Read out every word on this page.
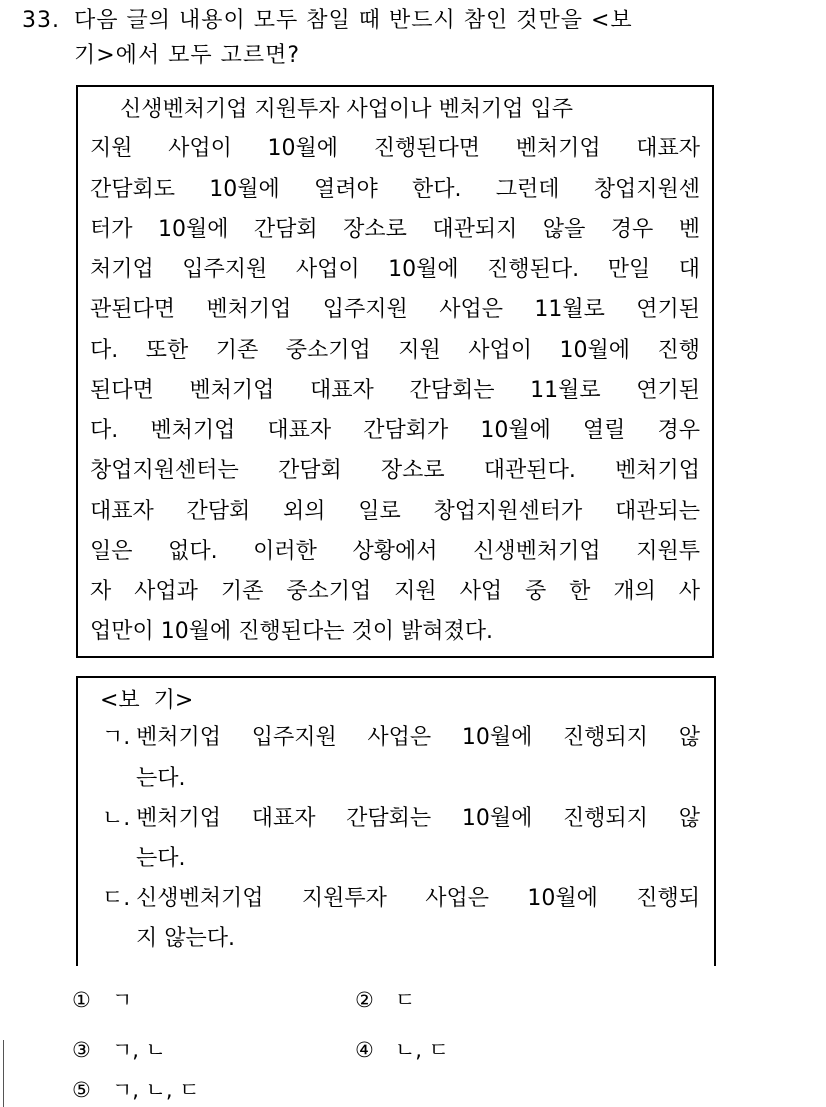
33. 다음 글의 내용이 모두 참일 때 반드시 참인 것만을 <보
기>에서 모두 고르면?
신생벤처기업 지원투자 사업이나 벤처기업 입주
지원 사업이 10월에 진행된다면 벤처기업 대표자
간담회도 10월에 열려야 한다. 그런데 창업지원센
터가 10월에 간담회 장소로 대관되지 않을 경우 벤
처기업 입주지원 사업이 10월에 진행된다. 만일 대
관된다면 벤처기업 입주지원 사업은 11월로 연기된
다. 또한 기존 중소기업 지원 사업이 10월에 진행
된다면 벤처기업 대표자 간담회는 11월로 연기된
다. 벤처기업 대표자 간담회가 10월에 열릴 경우
창업지원센터는 간담회 장소로 대관된다. 벤처기업
대표자 간담회 외의 일로 창업지원센터가 대관되는
일은 없다. 이러한 상황에서 신생벤처기업 지원투
자 사업과 기존 중소기업 지원 사업 중 한 개의 사
업만이 10월에 진행된다는 것이 밝혀졌다.
<보  기>
ㄱ. 벤처기업 입주지원 사업은 10월에 진행되지 않
는다.
ㄴ. 벤처기업 대표자 간담회는 10월에 진행되지 않
는다.
ㄷ. 신생벤처기업 지원투자 사업은 10월에 진행되
지 않는다.
① ㄱ	② ㄷ
③ ㄱ, ㄴ	④ ㄴ, ㄷ
⑤ ㄱ, ㄴ, ㄷ
